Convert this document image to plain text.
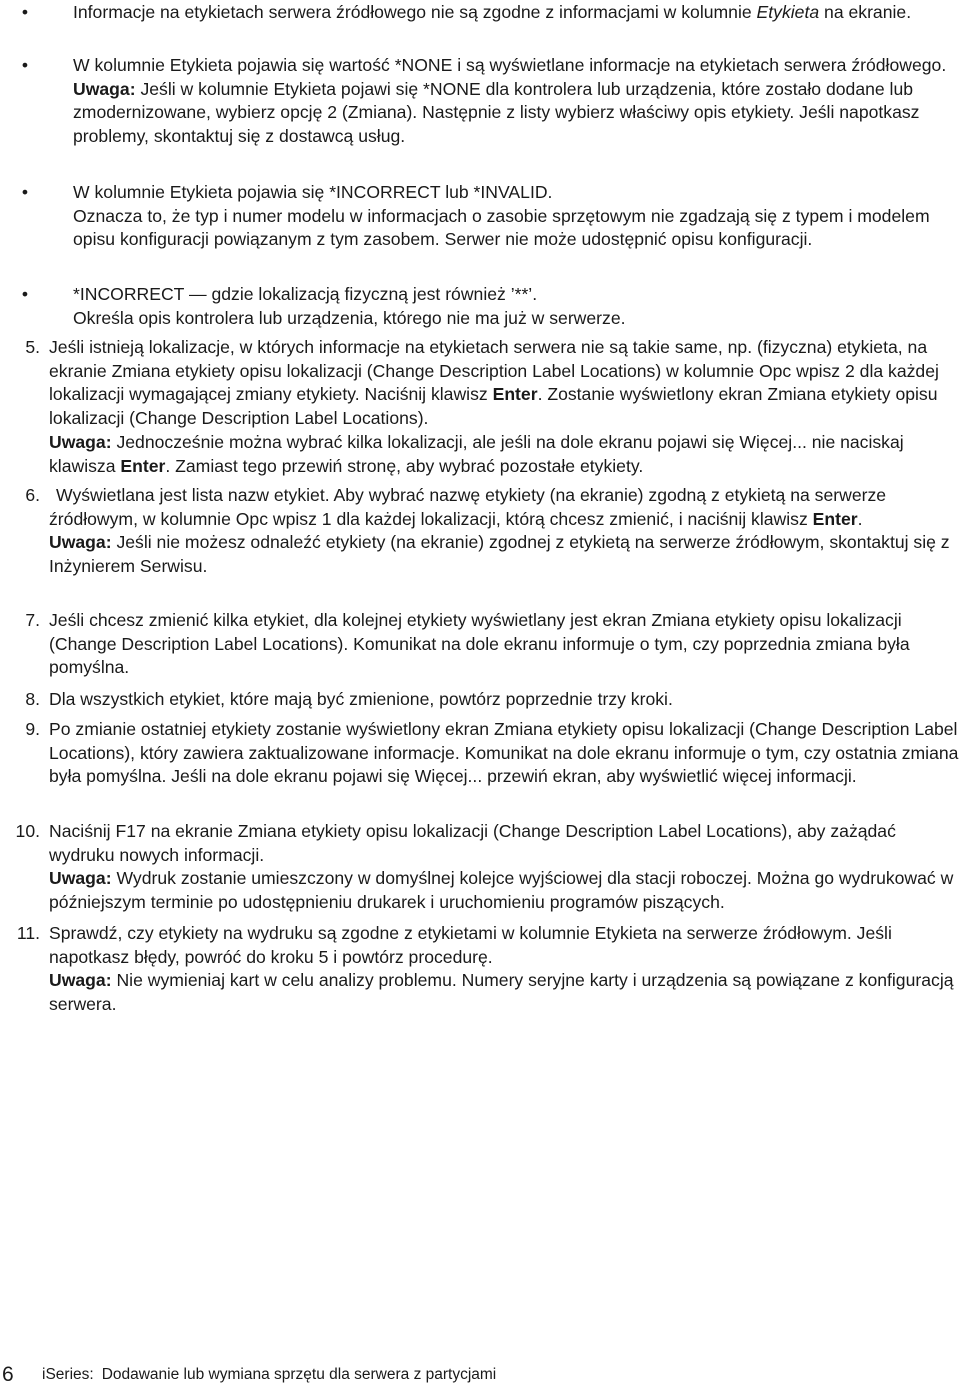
•	Informacje na etykietach serwera źródłowego nie są zgodne z informacjami w kolumnie Etykieta na ekranie.

•	W kolumnie Etykieta pojawia się wartość *NONE i są wyświetlane informacje na etykietach serwera źródłowego.

Uwaga: Jeśli w kolumnie Etykieta pojawi się *NONE dla kontrolera lub urządzenia, które zostało dodane lub zmodernizowane, wybierz opcję 2 (Zmiana). Następnie z listy wybierz właściwy opis etykiety. Jeśli napotkasz problemy, skontaktuj się z dostawcą usług.

•	W kolumnie Etykieta pojawia się *INCORRECT lub *INVALID.

Oznacza to, że typ i numer modelu w informacjach o zasobie sprzętowym nie zgadzają się z typem i modelem opisu konfiguracji powiązanym z tym zasobem. Serwer nie może udostępnić opisu konfiguracji.

•	*INCORRECT — gdzie lokalizacją fizyczną jest również ’**’.

Określa opis kontrolera lub urządzenia, którego nie ma już w serwerze.

5. Jeśli istnieją lokalizacje, w których informacje na etykietach serwera nie są takie same, np. (fizyczna) etykieta, na ekranie Zmiana etykiety opisu lokalizacji (Change Description Label Locations) w kolumnie Opc wpisz 2 dla każdej lokalizacji wymagającej zmiany etykiety. Naciśnij klawisz Enter. Zostanie wyświetlony ekran Zmiana etykiety opisu lokalizacji (Change Description Label Locations).

Uwaga: Jednocześnie można wybrać kilka lokalizacji, ale jeśli na dole ekranu pojawi się Więcej... nie naciskaj klawisza Enter. Zamiast tego przewiń stronę, aby wybrać pozostałe etykiety.

6. Wyświetlana jest lista nazw etykiet. Aby wybrać nazwę etykiety (na ekranie) zgodną z etykietą na serwerze źródłowym, w kolumnie Opc wpisz 1 dla każdej lokalizacji, którą chcesz zmienić, i naciśnij klawisz Enter.

Uwaga: Jeśli nie możesz odnaleźć etykiety (na ekranie) zgodnej z etykietą na serwerze źródłowym, skontaktuj się z Inżynierem Serwisu.

7. Jeśli chcesz zmienić kilka etykiet, dla kolejnej etykiety wyświetlany jest ekran Zmiana etykiety opisu lokalizacji (Change Description Label Locations). Komunikat na dole ekranu informuje o tym, czy poprzednia zmiana była pomyślna.

8. Dla wszystkich etykiet, które mają być zmienione, powtórz poprzednie trzy kroki.

9. Po zmianie ostatniej etykiety zostanie wyświetlony ekran Zmiana etykiety opisu lokalizacji (Change Description Label Locations), który zawiera zaktualizowane informacje. Komunikat na dole ekranu informuje o tym, czy ostatnia zmiana była pomyślna. Jeśli na dole ekranu pojawi się Więcej... przewiń ekran, aby wyświetlić więcej informacji.

10. Naciśnij F17 na ekranie Zmiana etykiety opisu lokalizacji (Change Description Label Locations), aby zażądać wydruku nowych informacji.

Uwaga: Wydruk zostanie umieszczony w domyślnej kolejce wyjściowej dla stacji roboczej. Można go wydrukować w późniejszym terminie po udostępnieniu drukarek i uruchomieniu programów piszących.

11. Sprawdź, czy etykiety na wydruku są zgodne z etykietami w kolumnie Etykieta na serwerze źródłowym. Jeśli napotkasz błędy, powróć do kroku 5 i powtórz procedurę.

Uwaga: Nie wymieniaj kart w celu analizy problemu. Numery seryjne karty i urządzenia są powiązane z konfiguracją serwera.

6 iSeries: Dodawanie lub wymiana sprzętu dla serwera z partycjami
